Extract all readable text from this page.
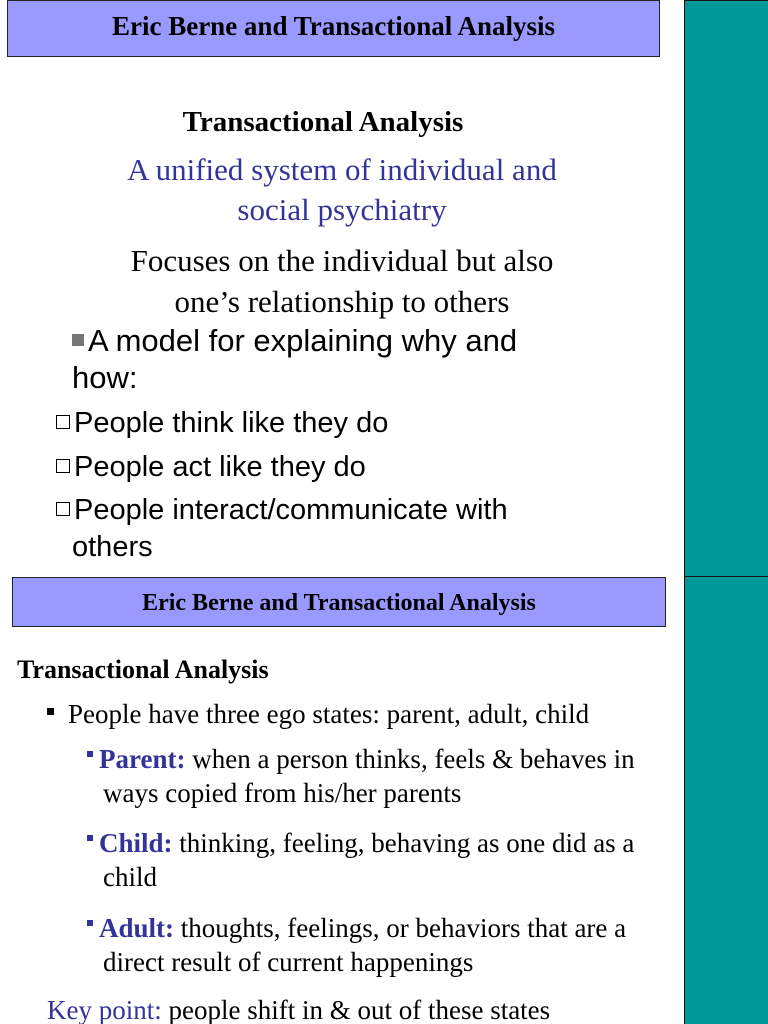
Eric Berne and Transactional Analysis

Transactional Analysis

A unified system of individual and
social psychiatry
Focuses on the individual but also
one’s relationship to others
A model for explaining why and
how:
People think like they do
People act like they do
People interact/communicate with
others
Eric Berne and Transactional Analysis

Transactional Analysis

People have three ego states: parent, adult, child
Parent: when a person thinks, feels & behaves in
ways copied from his/her parents
Child: thinking, feeling, behaving as one did as a
child
Adult: thoughts, feelings, or behaviors that are a
direct result of current happenings
Key point: people shift in & out of these states
